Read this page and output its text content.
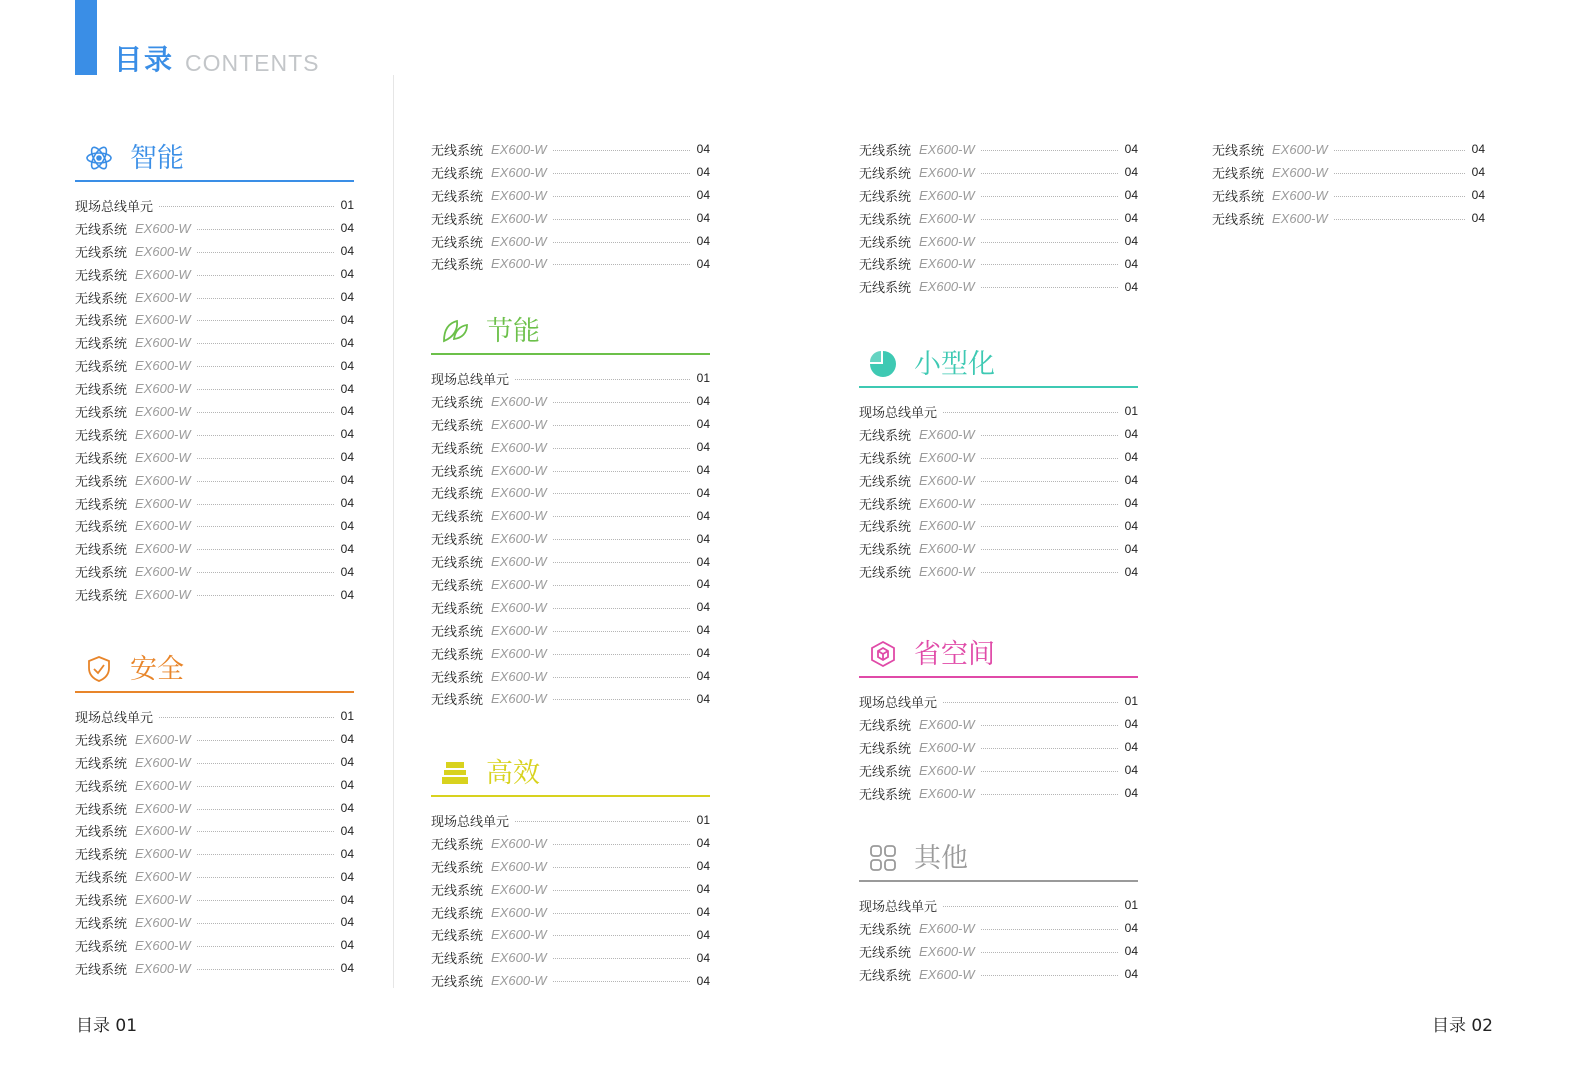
目录 CONTENTS
智能
现场总线单元	01
无线系统 EX600-W	04
无线系统 EX600-W	04
无线系统 EX600-W	04
无线系统 EX600-W	04
无线系统 EX600-W	04
无线系统 EX600-W	04
无线系统 EX600-W	04
无线系统 EX600-W	04
无线系统 EX600-W	04
无线系统 EX600-W	04
无线系统 EX600-W	04
无线系统 EX600-W	04
无线系统 EX600-W	04
无线系统 EX600-W	04
无线系统 EX600-W	04
无线系统 EX600-W	04
无线系统 EX600-W	04
安全
现场总线单元	01
无线系统 EX600-W	04
无线系统 EX600-W	04
无线系统 EX600-W	04
无线系统 EX600-W	04
无线系统 EX600-W	04
无线系统 EX600-W	04
无线系统 EX600-W	04
无线系统 EX600-W	04
无线系统 EX600-W	04
无线系统 EX600-W	04
无线系统 EX600-W	04
无线系统 EX600-W	04
无线系统 EX600-W	04
无线系统 EX600-W	04
无线系统 EX600-W	04
无线系统 EX600-W	04
无线系统 EX600-W	04
节能
现场总线单元	01
无线系统 EX600-W	04
无线系统 EX600-W	04
无线系统 EX600-W	04
无线系统 EX600-W	04
无线系统 EX600-W	04
无线系统 EX600-W	04
无线系统 EX600-W	04
无线系统 EX600-W	04
无线系统 EX600-W	04
无线系统 EX600-W	04
无线系统 EX600-W	04
无线系统 EX600-W	04
无线系统 EX600-W	04
无线系统 EX600-W	04
高效
现场总线单元	01
无线系统 EX600-W	04
无线系统 EX600-W	04
无线系统 EX600-W	04
无线系统 EX600-W	04
无线系统 EX600-W	04
无线系统 EX600-W	04
无线系统 EX600-W	04
无线系统 EX600-W	04
无线系统 EX600-W	04
无线系统 EX600-W	04
无线系统 EX600-W	04
无线系统 EX600-W	04
无线系统 EX600-W	04
无线系统 EX600-W	04
小型化
现场总线单元	01
无线系统 EX600-W	04
无线系统 EX600-W	04
无线系统 EX600-W	04
无线系统 EX600-W	04
无线系统 EX600-W	04
无线系统 EX600-W	04
无线系统 EX600-W	04
省空间
现场总线单元	01
无线系统 EX600-W	04
无线系统 EX600-W	04
无线系统 EX600-W	04
无线系统 EX600-W	04
其他
现场总线单元	01
无线系统 EX600-W	04
无线系统 EX600-W	04
无线系统 EX600-W	04
无线系统 EX600-W	04
无线系统 EX600-W	04
无线系统 EX600-W	04
无线系统 EX600-W	04
目录 01	目录 02
